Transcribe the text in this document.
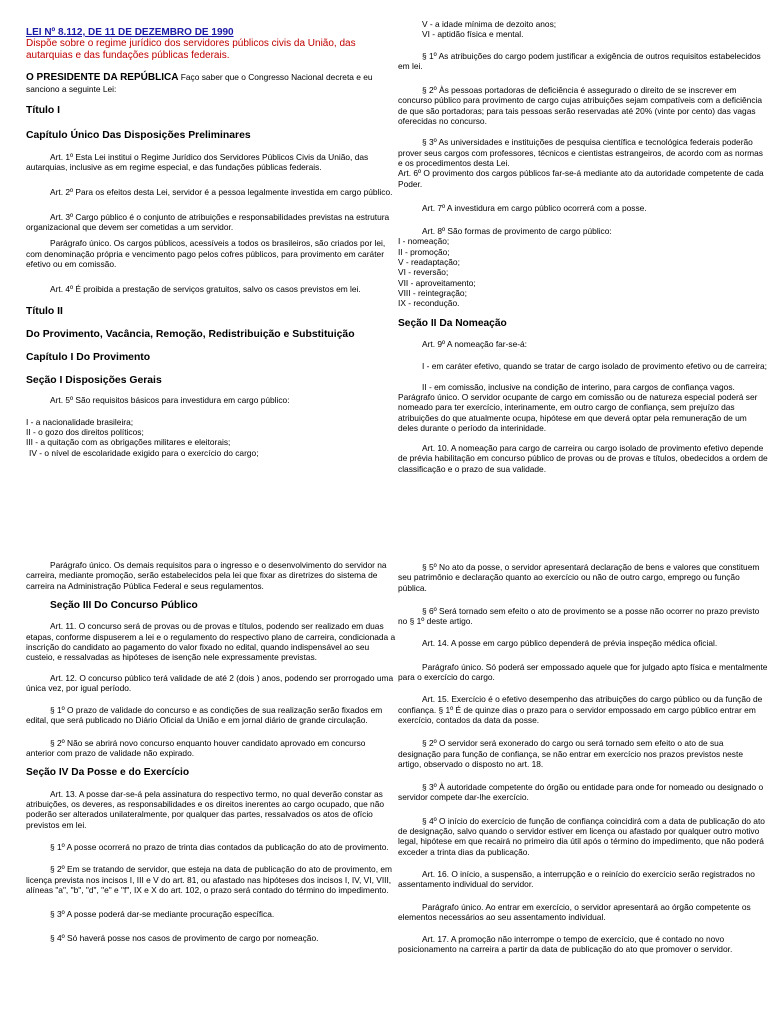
LEI Nº 8.112, DE 11 DE DEZEMBRO DE 1990

Dispõe sobre o regime jurídico dos servidores públicos civis da União, das autarquias e das fundações públicas federais.

O PRESIDENTE DA REPÚBLICA Faço saber que o Congresso Nacional decreta e eu sanciono a seguinte Lei:

Título I

Capítulo Único Das Disposições Preliminares

Art. 1º Esta Lei institui o Regime Jurídico dos Servidores Públicos Civis da União, das autarquias, inclusive as em regime especial, e das fundações públicas federais.

Art. 2º Para os efeitos desta Lei, servidor é a pessoa legalmente investida em cargo público.

Art. 3º Cargo público é o conjunto de atribuições e responsabilidades previstas na estrutura organizacional que devem ser cometidas a um servidor.

Parágrafo único. Os cargos públicos, acessíveis a todos os brasileiros, são criados por lei, com denominação própria e vencimento pago pelos cofres públicos, para provimento em caráter efetivo ou em comissão.

Art. 4º É proibida a prestação de serviços gratuitos, salvo os casos previstos em lei.

Título II

Do Provimento, Vacância, Remoção, Redistribuição e Substituição

Capítulo I Do Provimento

Seção I Disposições Gerais

Art. 5º São requisitos básicos para investidura em cargo público:

I - a nacionalidade brasileira;

II - o gozo dos direitos políticos;

III - a quitação com as obrigações militares e eleitorais;

IV - o nível de escolaridade exigido para o exercício do cargo;

V - a idade mínima de dezoito anos;

VI - aptidão física e mental.

§ 1º As atribuições do cargo podem justificar a exigência de outros requisitos estabelecidos em lei.

§ 2º Às pessoas portadoras de deficiência é assegurado o direito de se inscrever em concurso público para provimento de cargo cujas atribuições sejam compatíveis com a deficiência de que são portadoras; para tais pessoas serão reservadas até 20% (vinte por cento) das vagas oferecidas no concurso.

§ 3º As universidades e instituições de pesquisa científica e tecnológica federais poderão prover seus cargos com professores, técnicos e cientistas estrangeiros, de acordo com as normas e os procedimentos desta Lei.

Art. 6º O provimento dos cargos públicos far-se-á mediante ato da autoridade competente de cada Poder.

Art. 7º A investidura em cargo público ocorrerá com a posse.

Art. 8º São formas de provimento de cargo público:

I - nomeação;

II - promoção;

V - readaptação;

VI - reversão;

VII - aproveitamento;

VIII - reintegração;

IX - recondução.

Seção II Da Nomeação

Art. 9º A nomeação far-se-á:

I - em caráter efetivo, quando se tratar de cargo isolado de provimento efetivo ou de carreira;

II - em comissão, inclusive na condição de interino, para cargos de confiança vagos. Parágrafo único. O servidor ocupante de cargo em comissão ou de natureza especial poderá ser nomeado para ter exercício, interinamente, em outro cargo de confiança, sem prejuízo das atribuições do que atualmente ocupa, hipótese em que deverá optar pela remuneração de um deles durante o período da interinidade.

Art. 10. A nomeação para cargo de carreira ou cargo isolado de provimento efetivo depende de prévia habilitação em concurso público de provas ou de provas e títulos, obedecidos a ordem de classificação e o prazo de sua validade.

Parágrafo único. Os demais requisitos para o ingresso e o desenvolvimento do servidor na carreira, mediante promoção, serão estabelecidos pela lei que fixar as diretrizes do sistema de carreira na Administração Pública Federal e seus regulamentos.

Seção III Do Concurso Público

Art. 11. O concurso será de provas ou de provas e títulos, podendo ser realizado em duas etapas, conforme dispuserem a lei e o regulamento do respectivo plano de carreira, condicionada a inscrição do candidato ao pagamento do valor fixado no edital, quando indispensável ao seu custeio, e ressalvadas as hipóteses de isenção nele expressamente previstas.

Art. 12. O concurso público terá validade de até 2 (dois ) anos, podendo ser prorrogado uma única vez, por igual período.

§ 1º O prazo de validade do concurso e as condições de sua realização serão fixados em edital, que será publicado no Diário Oficial da União e em jornal diário de grande circulação.

§ 2º Não se abrirá novo concurso enquanto houver candidato aprovado em concurso anterior com prazo de validade não expirado.

Seção IV Da Posse e do Exercício

Art. 13. A posse dar-se-á pela assinatura do respectivo termo, no qual deverão constar as atribuições, os deveres, as responsabilidades e os direitos inerentes ao cargo ocupado, que não poderão ser alterados unilateralmente, por qualquer das partes, ressalvados os atos de ofício previstos em lei.

§ 1º A posse ocorrerá no prazo de trinta dias contados da publicação do ato de provimento.

§ 2º Em se tratando de servidor, que esteja na data de publicação do ato de provimento, em licença prevista nos incisos I, III e V do art. 81, ou afastado nas hipóteses dos incisos I, IV, VI, VIII, alíneas "a", "b", "d", "e" e "f", IX e X do art. 102, o prazo será contado do término do impedimento.

§ 3º A posse poderá dar-se mediante procuração específica.

§ 4º Só haverá posse nos casos de provimento de cargo por nomeação.

§ 5º No ato da posse, o servidor apresentará declaração de bens e valores que constituem seu patrimônio e declaração quanto ao exercício ou não de outro cargo, emprego ou função pública.

§ 6º Será tornado sem efeito o ato de provimento se a posse não ocorrer no prazo previsto no § 1º deste artigo.

Art. 14. A posse em cargo público dependerá de prévia inspeção médica oficial.

Parágrafo único. Só poderá ser empossado aquele que for julgado apto física e mentalmente para o exercício do cargo.

Art. 15. Exercício é o efetivo desempenho das atribuições do cargo público ou da função de confiança. § 1º É de quinze dias o prazo para o servidor empossado em cargo público entrar em exercício, contados da data da posse.

§ 2º O servidor será exonerado do cargo ou será tornado sem efeito o ato de sua designação para função de confiança, se não entrar em exercício nos prazos previstos neste artigo, observado o disposto no art. 18.

§ 3º À autoridade competente do órgão ou entidade para onde for nomeado ou designado o servidor compete dar-lhe exercício.

§ 4º O início do exercício de função de confiança coincidirá com a data de publicação do ato de designação, salvo quando o servidor estiver em licença ou afastado por qualquer outro motivo legal, hipótese em que recairá no primeiro dia útil após o término do impedimento, que não poderá exceder a trinta dias da publicação.

Art. 16. O início, a suspensão, a interrupção e o reinício do exercício serão registrados no assentamento individual do servidor.

Parágrafo único. Ao entrar em exercício, o servidor apresentará ao órgão competente os elementos necessários ao seu assentamento individual.

Art. 17. A promoção não interrompe o tempo de exercício, que é contado no novo posicionamento na carreira a partir da data de publicação do ato que promover o servidor.
